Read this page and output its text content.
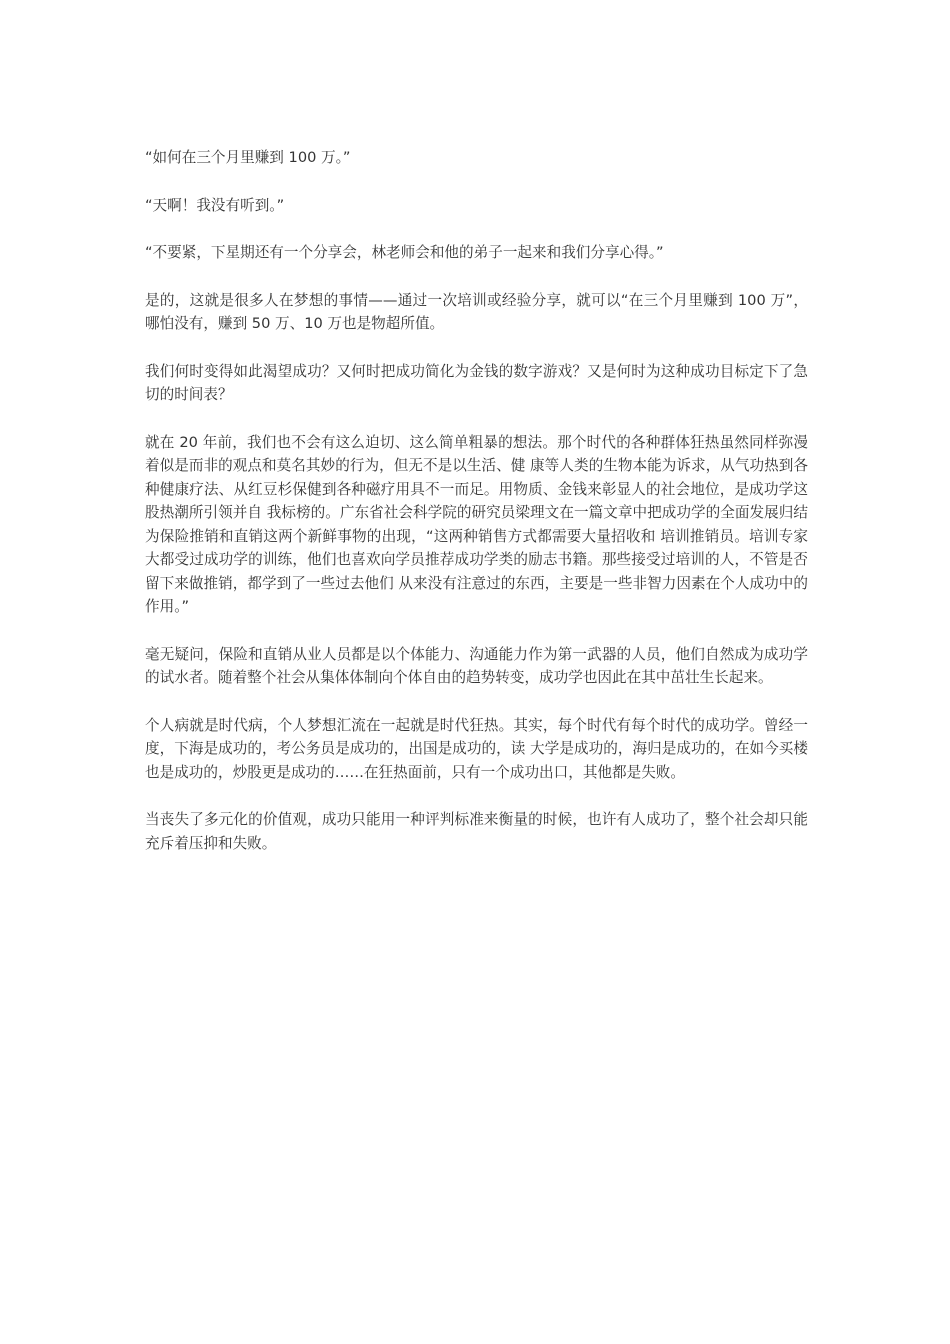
“如何在三个月里赚到 100 万。”

“天啊！我没有听到。”

“不要紧，下星期还有一个分享会，林老师会和他的弟子一起来和我们分享心得。”

是的，这就是很多人在梦想的事情——通过一次培训或经验分享，就可以“在三个月里赚到 100 万”，哪怕没有，赚到 50 万、10 万也是物超所值。

我们何时变得如此渴望成功？又何时把成功简化为金钱的数字游戏？又是何时为这种成功目标定下了急切的时间表？

就在 20 年前，我们也不会有这么迫切、这么简单粗暴的想法。那个时代的各种群体狂热虽然同样弥漫着似是而非的观点和莫名其妙的行为，但无不是以生活、健 康等人类的生物本能为诉求，从气功热到各种健康疗法、从红豆杉保健到各种磁疗用具不一而足。用物质、金钱来彰显人的社会地位，是成功学这股热潮所引领并自 我标榜的。广东省社会科学院的研究员梁理文在一篇文章中把成功学的全面发展归结为保险推销和直销这两个新鲜事物的出现，“这两种销售方式都需要大量招收和 培训推销员。培训专家大都受过成功学的训练，他们也喜欢向学员推荐成功学类的励志书籍。那些接受过培训的人，不管是否留下来做推销，都学到了一些过去他们 从来没有注意过的东西，主要是一些非智力因素在个人成功中的作用。”

毫无疑问，保险和直销从业人员都是以个体能力、沟通能力作为第一武器的人员，他们自然成为成功学的试水者。随着整个社会从集体体制向个体自由的趋势转变，成功学也因此在其中茁壮生长起来。

个人病就是时代病，个人梦想汇流在一起就是时代狂热。其实，每个时代有每个时代的成功学。曾经一度，下海是成功的，考公务员是成功的，出国是成功的，读 大学是成功的，海归是成功的，在如今买楼也是成功的，炒股更是成功的……在狂热面前，只有一个成功出口，其他都是失败。

当丧失了多元化的价值观，成功只能用一种评判标准来衡量的时候，也许有人成功了，整个社会却只能充斥着压抑和失败。
